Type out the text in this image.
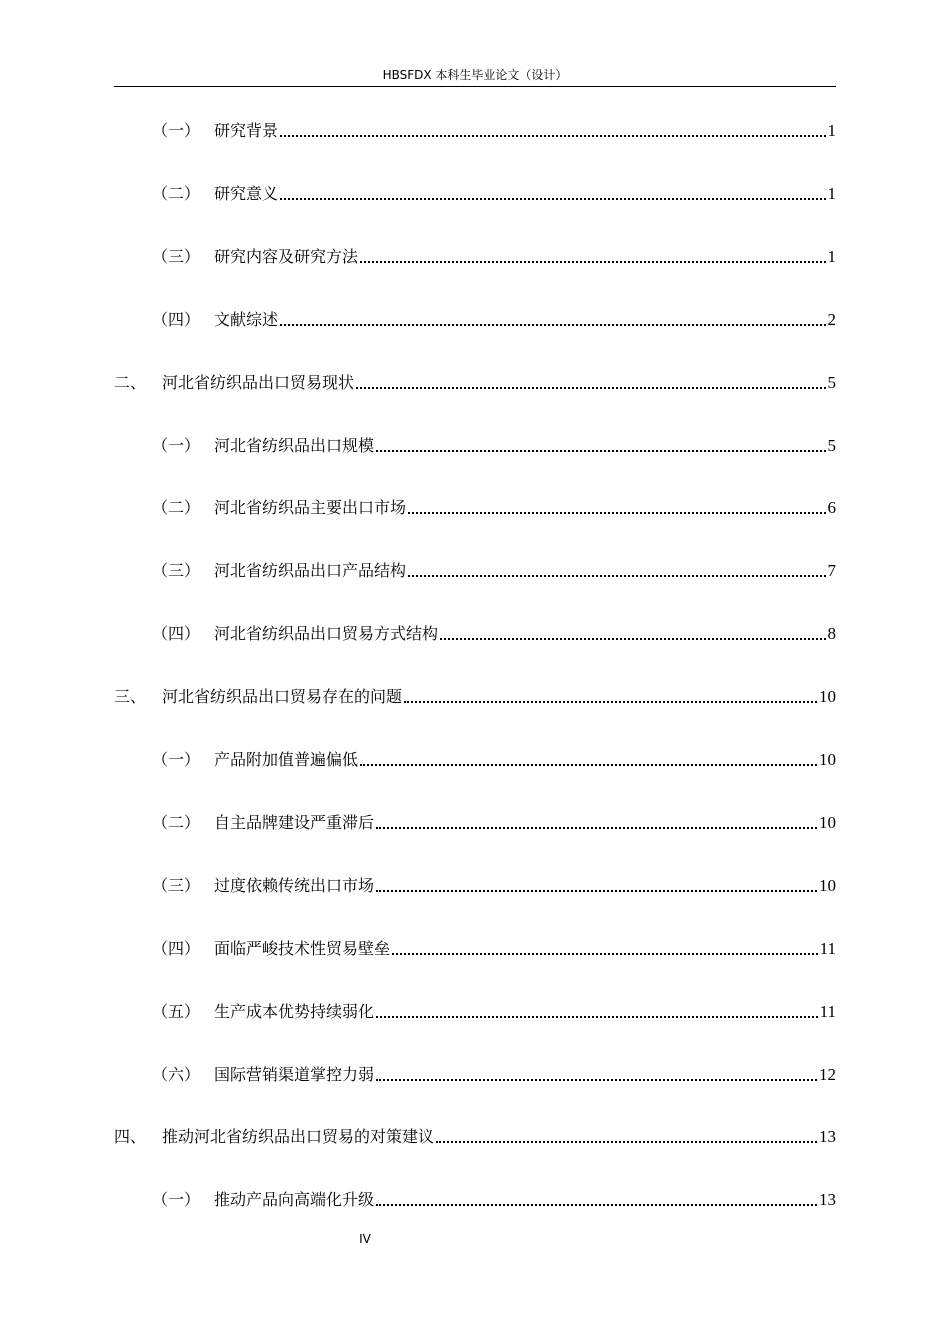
HBSFDX 本科生毕业论文（设计）
（一） 研究背景	1
（二） 研究意义	1
（三） 研究内容及研究方法	1
（四） 文献综述	2
二、 河北省纺织品出口贸易现状	5
（一） 河北省纺织品出口规模	5
（二） 河北省纺织品主要出口市场	6
（三） 河北省纺织品出口产品结构	7
（四） 河北省纺织品出口贸易方式结构	8
三、 河北省纺织品出口贸易存在的问题	10
（一） 产品附加值普遍偏低	10
（二） 自主品牌建设严重滞后	10
（三） 过度依赖传统出口市场	10
（四） 面临严峻技术性贸易壁垒	11
（五） 生产成本优势持续弱化	11
（六） 国际营销渠道掌控力弱	12
四、 推动河北省纺织品出口贸易的对策建议	13
（一） 推动产品向高端化升级	13
IV
